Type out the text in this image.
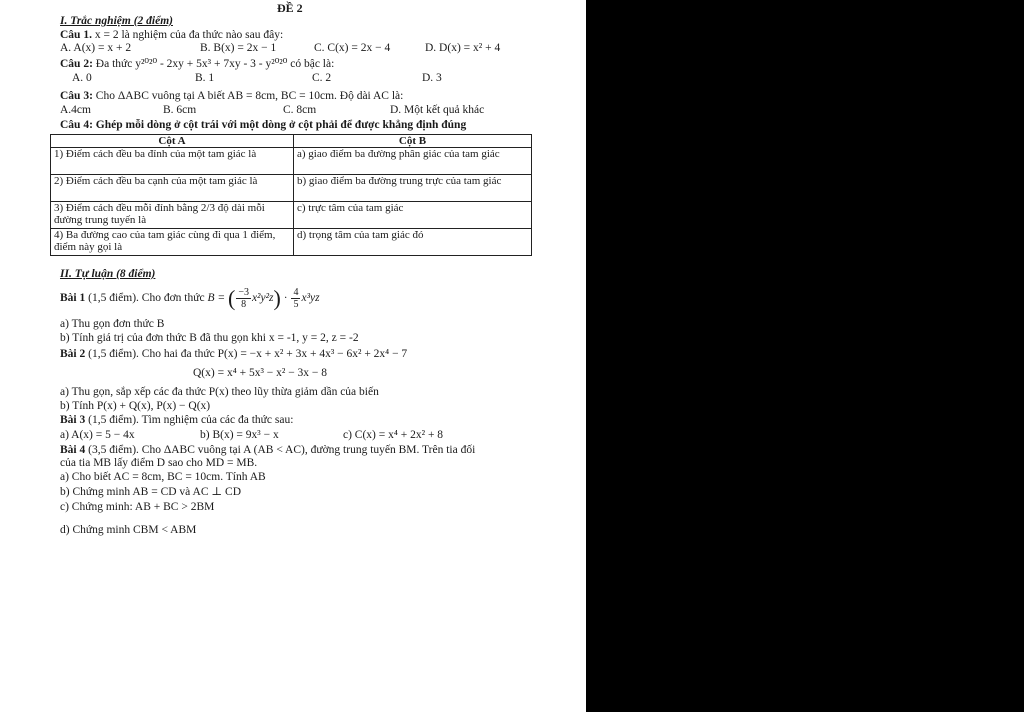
ĐỀ 2
I. Trắc nghiệm (2 điểm)
Câu 1. x = 2 là nghiệm của đa thức nào sau đây:
A. A(x) = x + 2	B. B(x) = 2x − 1	C. C(x) = 2x − 4	D. D(x) = x² + 4
Câu 2: Đa thức y²⁰²⁰ - 2xy + 5x³ + 7xy - 3 - y²⁰²⁰ có bậc là:
A. 0	B. 1	C. 2	D. 3
Câu 3: Cho ΔABC vuông tại A biết AB = 8cm, BC = 10cm. Độ dài AC là:
A.4cm	B. 6cm	C. 8cm	D. Một kết quả khác
Câu 4: Ghép mỗi dòng ở cột trái với một dòng ở cột phải để được khẳng định đúng
Cột A	Cột B
1) Điểm cách đều ba đỉnh của một tam giác là	a) giao điểm ba đường phân giác của tam giác
2) Điểm cách đều ba cạnh của một tam giác là	b) giao điểm ba đường trung trực của tam giác
3) Điểm cách đều mỗi đỉnh bằng 2/3 độ dài mỗi đường trung tuyến là	c) trực tâm của tam giác
4) Ba đường cao của tam giác cùng đi qua 1 điểm, điểm này gọi là	d) trọng tâm của tam giác đó
II. Tự luận (8 điểm)
Bài 1 (1,5 điểm). Cho đơn thức B = ( $\frac{-3}{8} x^2y^2z) \cdot \frac{4}{5} x^3yz$
a) Thu gọn đơn thức B
b) Tính giá trị của đơn thức B đã thu gọn khi x = -1, y = 2, z = -2
Bài 2 (1,5 điểm). Cho hai đa thức P(x) = −x + x² + 3x + 4x³ − 6x² + 2x⁴ − 7
Q(x) = x⁴ + 5x³ − x² − 3x − 8
a) Thu gọn, sắp xếp các đa thức P(x) theo lũy thừa giảm dần của biến
b) Tính P(x) + Q(x), P(x) − Q(x)
Bài 3 (1,5 điểm). Tìm nghiệm của các đa thức sau:
a) A(x) = 5 − 4x	b) B(x) = 9x³ − x	c) C(x) = x⁴ + 2x² + 8
Bài 4 (3,5 điểm). Cho ΔABC vuông tại A (AB < AC), đường trung tuyến BM. Trên tia đối
của tia MB lấy điểm D sao cho MD = MB.
a) Cho biết AC = 8cm, BC = 10cm. Tính AB
b) Chứng minh AB = CD và AC ⊥ CD
c) Chứng minh: AB + BC > 2BM
d) Chứng minh CBM < ABM
